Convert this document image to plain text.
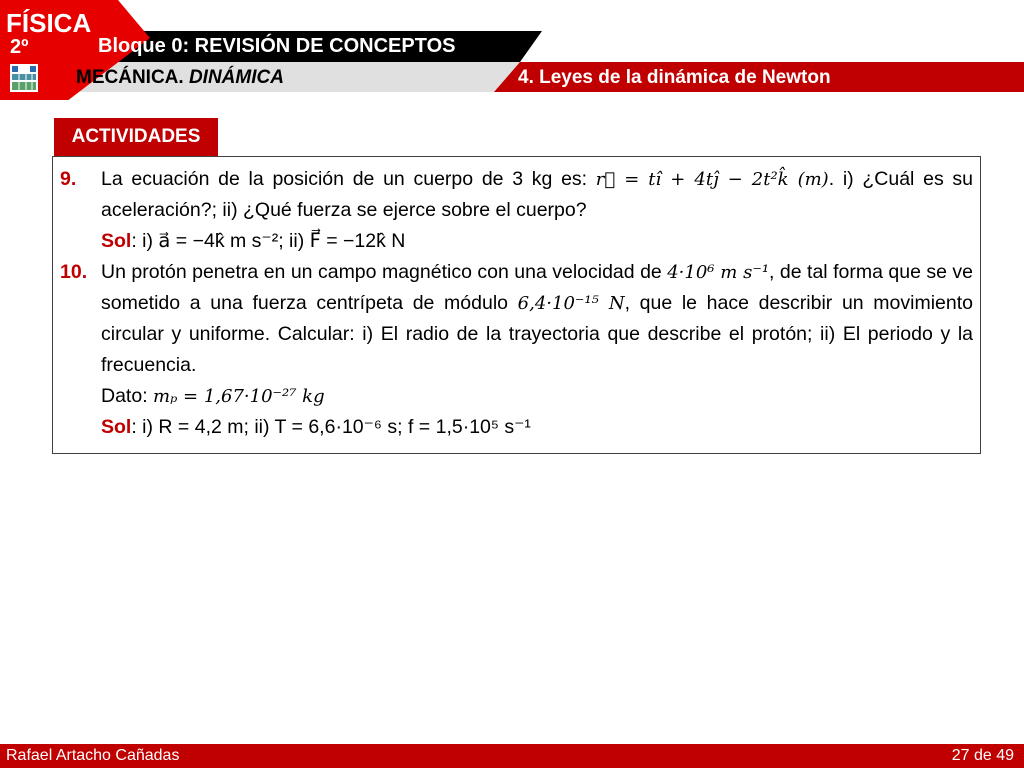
FÍSICA
2º	Bloque 0: REVISIÓN DE CONCEPTOS
MECÁNICA. DINÁMICA	4. Leyes de la dinámica de Newton
ACTIVIDADES
9. La ecuación de la posición de un cuerpo de 3 kg es: r⃗ = tî + 4tĵ − 2t²k̂ (m). i) ¿Cuál es su aceleración?; ii) ¿Qué fuerza se ejerce sobre el cuerpo?
Sol: i) a⃗ = −4k̂ m s⁻²; ii) F⃗ = −12k̂ N
10. Un protón penetra en un campo magnético con una velocidad de 4·10⁶ m s⁻¹, de tal forma que se ve sometido a una fuerza centrípeta de módulo 6,4·10⁻¹⁵ N, que le hace describir un movimiento circular y uniforme. Calcular: i) El radio de la trayectoria que describe el protón; ii) El periodo y la frecuencia.
Dato: mₚ = 1,67·10⁻²⁷ kg
Sol: i) R = 4,2 m; ii) T = 6,6·10⁻⁶ s; f = 1,5·10⁵ s⁻¹
Rafael Artacho Cañadas	27 de 49
